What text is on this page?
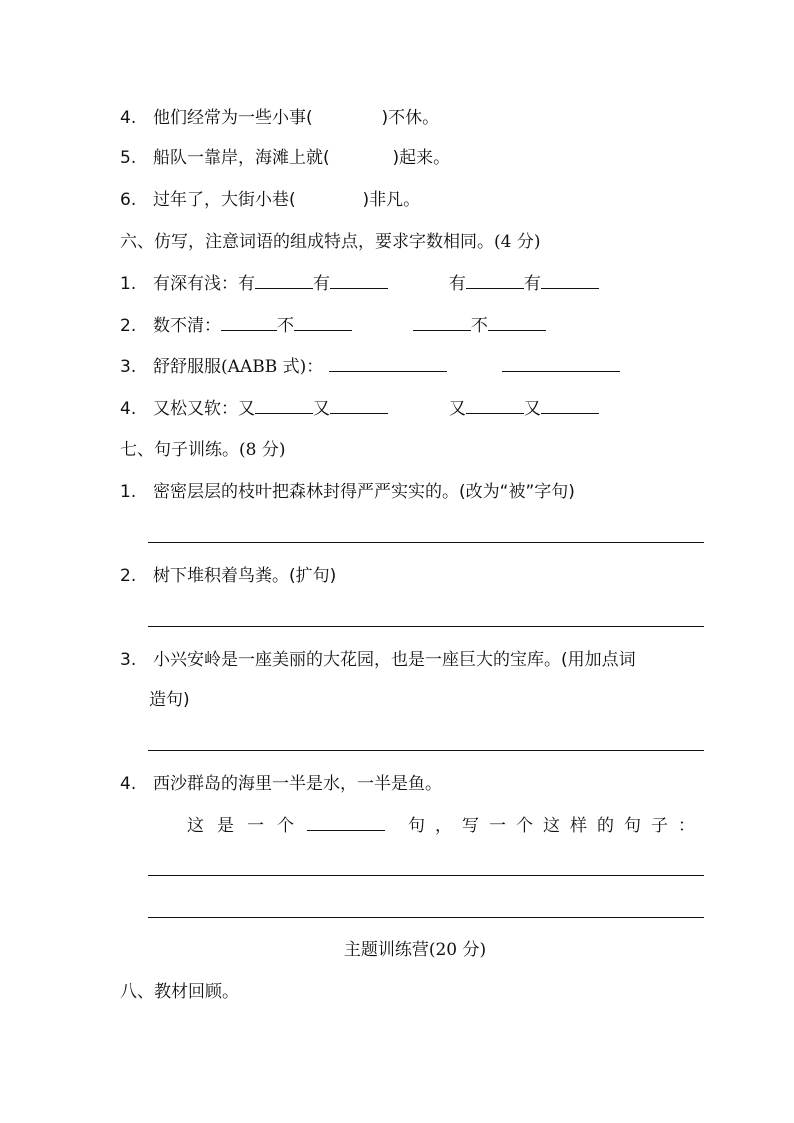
4. 他们经常为一些小事(	)不休。
5. 船队一靠岸，海滩上就(	)起来。
6. 过年了，大街小巷(	)非凡。
六、仿写，注意词语的组成特点，要求字数相同。(4 分)
1. 有深有浅：有	有	有	有
2. 数不清：	不	不
3. 舒舒服服(AABB 式)：
4. 又松又软：又	又	又	又
七、句子训练。(8 分)
1. 密密层层的枝叶把森林封得严严实实的。(改为“被”字句)
2. 树下堆积着鸟粪。(扩句)
3. 小兴安岭是一座美丽的大花园，也是一座巨大的宝库。(用加点词
造句)
4. 西沙群岛的海里一半是水，一半是鱼。
这 是 一 个	句 ， 写 一 个 这 样 的 句 子 ：
主题训练营(20 分)
八、教材回顾。
